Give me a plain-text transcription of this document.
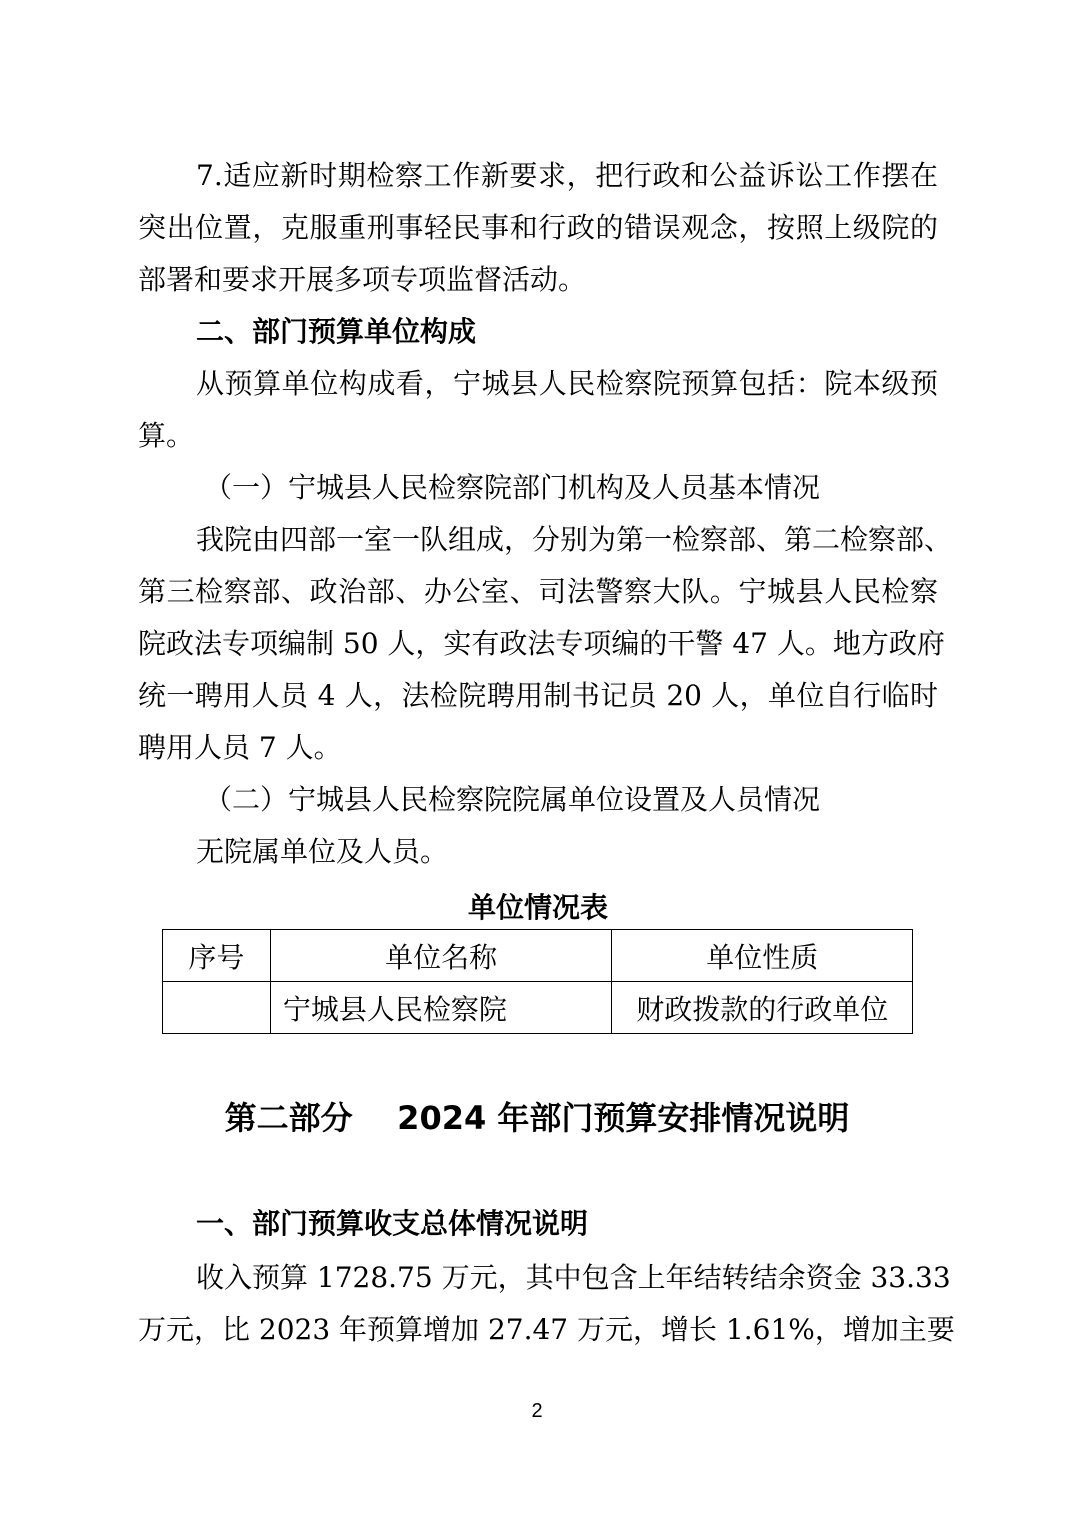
7.适应新时期检察工作新要求，把行政和公益诉讼工作摆在
突出位置，克服重刑事轻民事和行政的错误观念，按照上级院的
部署和要求开展多项专项监督活动。
二、部门预算单位构成
从预算单位构成看，宁城县人民检察院预算包括：院本级预
算。
（一）宁城县人民检察院部门机构及人员基本情况
我院由四部一室一队组成，分别为第一检察部、第二检察部、
第三检察部、政治部、办公室、司法警察大队。宁城县人民检察
院政法专项编制 50 人，实有政法专项编的干警 47 人。地方政府
统一聘用人员 4 人，法检院聘用制书记员 20 人，单位自行临时
聘用人员 7 人。
（二）宁城县人民检察院院属单位设置及人员情况
无院属单位及人员。
单位情况表
序号	单位名称	单位性质
	宁城县人民检察院	财政拨款的行政单位
第二部分    2024 年部门预算安排情况说明
一、部门预算收支总体情况说明
收入预算 1728.75 万元，其中包含上年结转结余资金 33.33
万元，比 2023 年预算增加 27.47 万元，增长 1.61%，增加主要
2
